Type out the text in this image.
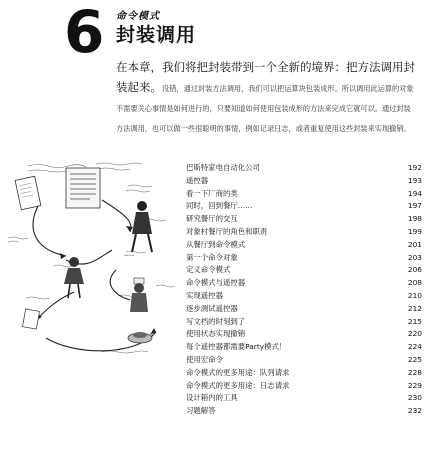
6 命令模式
封装调用
在本章，我们将把封装带到一个全新的境界：把方法调用封装起来。没错，通过封装方法调用，我们可以把运算块包装成形。所以调用此运算的对象不需要关心事情是如何进行的，只要知道如何使用包装成形的方法来完成它就可以。通过封装方法调用，也可以做一些很聪明的事情，例如记录日志，或者重复使用这些封装来实现撤销。
巴斯特家电自动化公司	192
遥控器	193
看一下厂商的类	194
同时，回到餐厅……	197
研究餐厅的交互	198
对象村餐厅的角色和职责	199
从餐厅到命令模式	201
第一个命令对象	203
定义命令模式	206
命令模式与遥控器	208
实现遥控器	210
逐步测试遥控器	212
写文档的时刻到了	215
使用状态实现撤销	220
每个遥控器都需要Party模式！	224
使用宏命令	225
命令模式的更多用途：队列请求	228
命令模式的更多用途：日志请求	229
设计箱内的工具	230
习题解答	232
